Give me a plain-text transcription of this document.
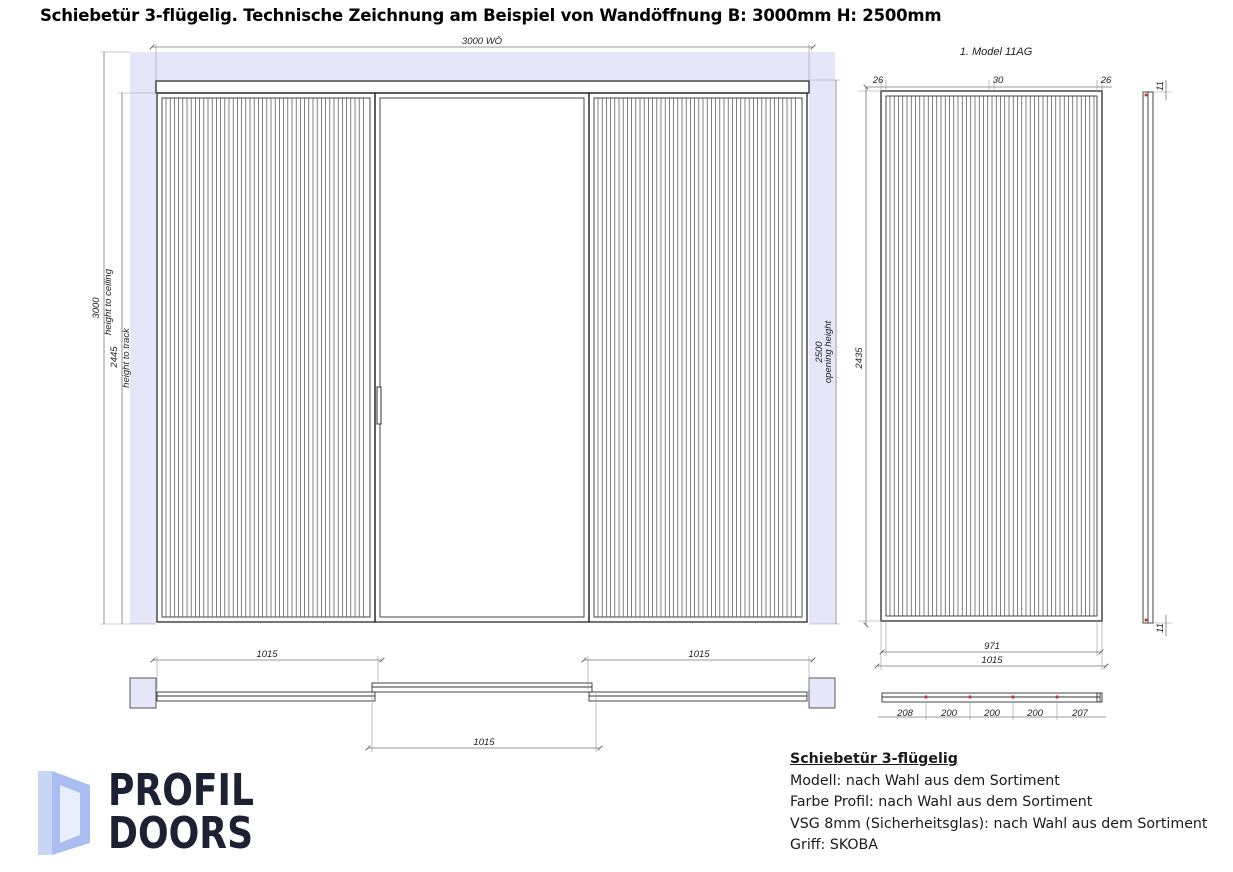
Schiebetür 3-flügelig. Technische Zeichnung am Beispiel von Wandöffnung B: 3000mm H: 2500mm
3000 WÖ
3000 height to ceiling
2445 height to track	2500
opening height
1015	1015
1015
1. Model 11AG
26	30	26
2435
971
1015
11
11
208	200	200	200	207
PROFIL
DOORS
Schiebetür 3-flügelig
Modell: nach Wahl aus dem Sortiment
Farbe Profil: nach Wahl aus dem Sortiment
VSG 8mm (Sicherheitsglas): nach Wahl aus dem Sortiment
Griff: SKOBA
